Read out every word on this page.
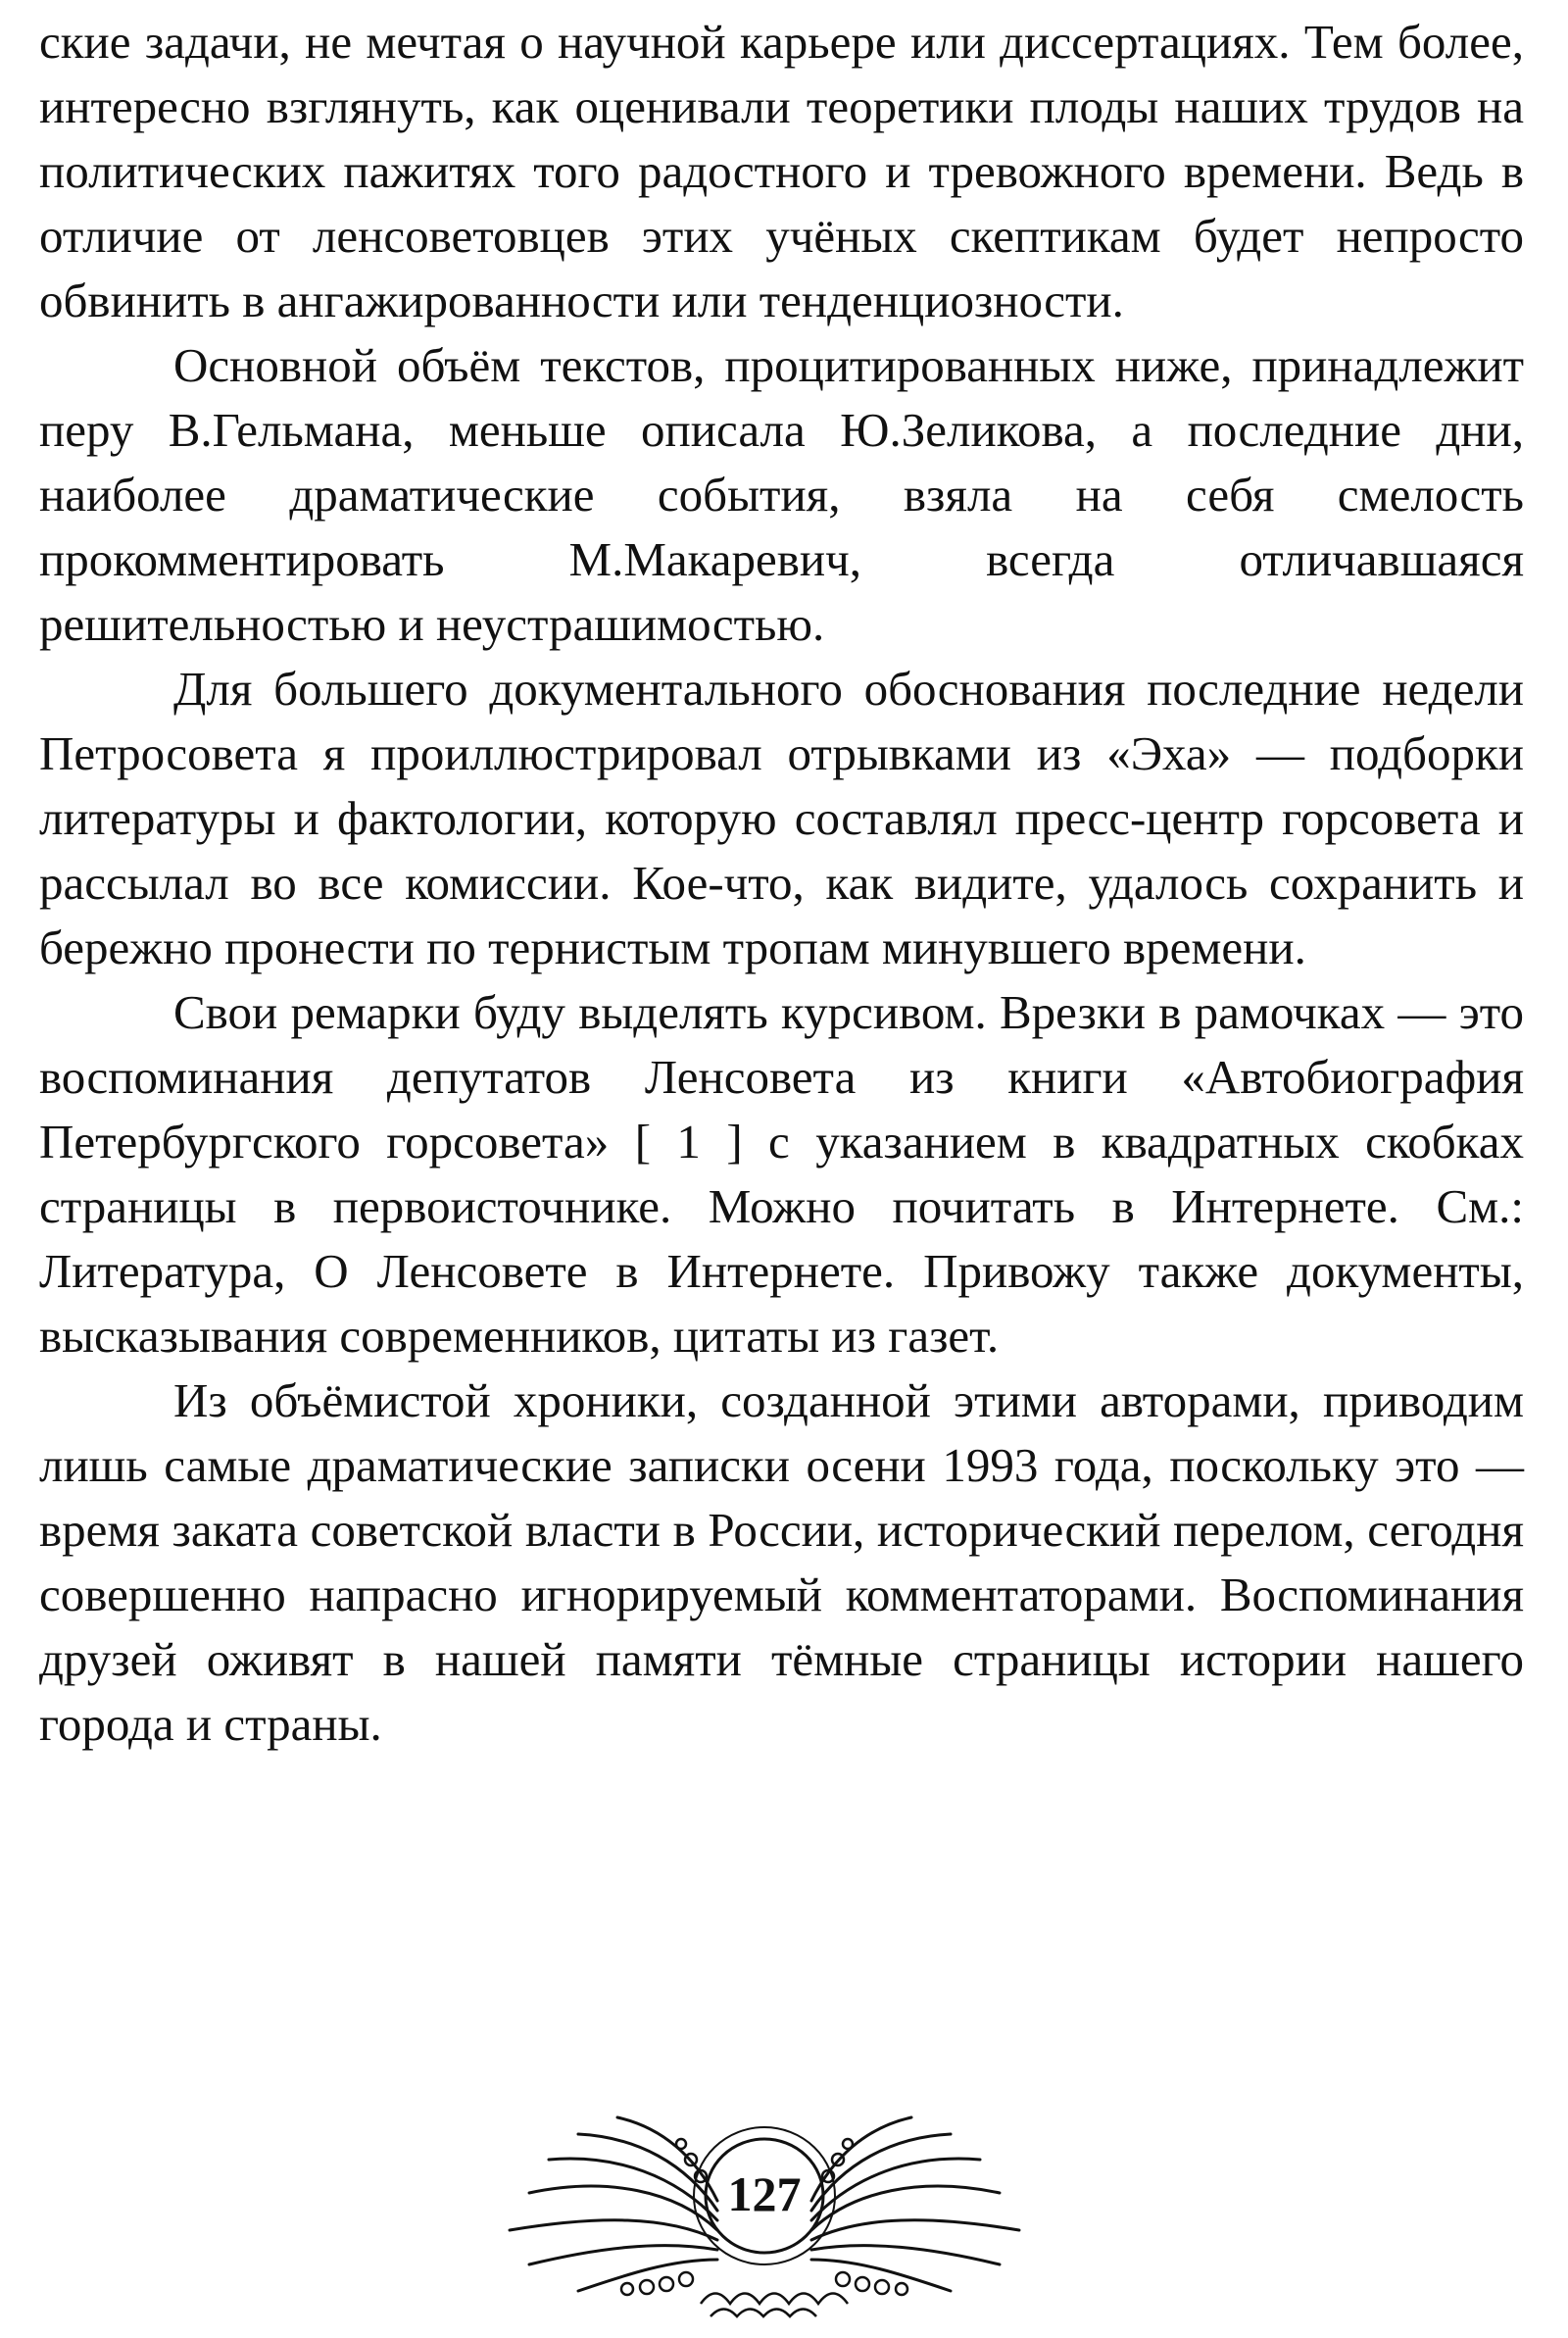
ские задачи, не мечтая о научной карьере или диссертациях. Тем более, интересно взглянуть, как оценивали теоретики плоды наших трудов на политических пажитях того радостного и тревожного времени. Ведь в отличие от ленсоветовцев этих учёных скептикам будет непросто обвинить в ангажированности или тенденциозности.

Основной объём текстов, процитированных ниже, принадлежит перу В.Гельмана, меньше описала Ю.Зеликова, а последние дни, наиболее драматические события, взяла на себя смелость прокомментировать М.Макаревич, всегда отличавшаяся решительностью и неустрашимостью.

Для большего документального обоснования последние недели Петросовета я проиллюстрировал отрывками из «Эха» — подборки литературы и фактологии, которую составлял пресс-центр горсовета и рассылал во все комиссии. Кое-что, как видите, удалось сохранить и бережно пронести по тернистым тропам минувшего времени.

Свои ремарки буду выделять курсивом. Врезки в рамочках — это воспоминания депутатов Ленсовета из книги «Автобиография Петербургского горсовета» [ 1 ] с указанием в квадратных скобках страницы в первоисточнике. Можно почитать в Интернете. См.: Литература, О Ленсовете в Интернете. Привожу также документы, высказывания современников, цитаты из газет.

Из объёмистой хроники, созданной этими авторами, приводим лишь самые драматические записки осени 1993 года, поскольку это — время заката советской власти в России, исторический перелом, сегодня совершенно напрасно игнорируемый комментаторами. Воспоминания друзей оживят в нашей памяти тёмные страницы истории нашего города и страны.

127
